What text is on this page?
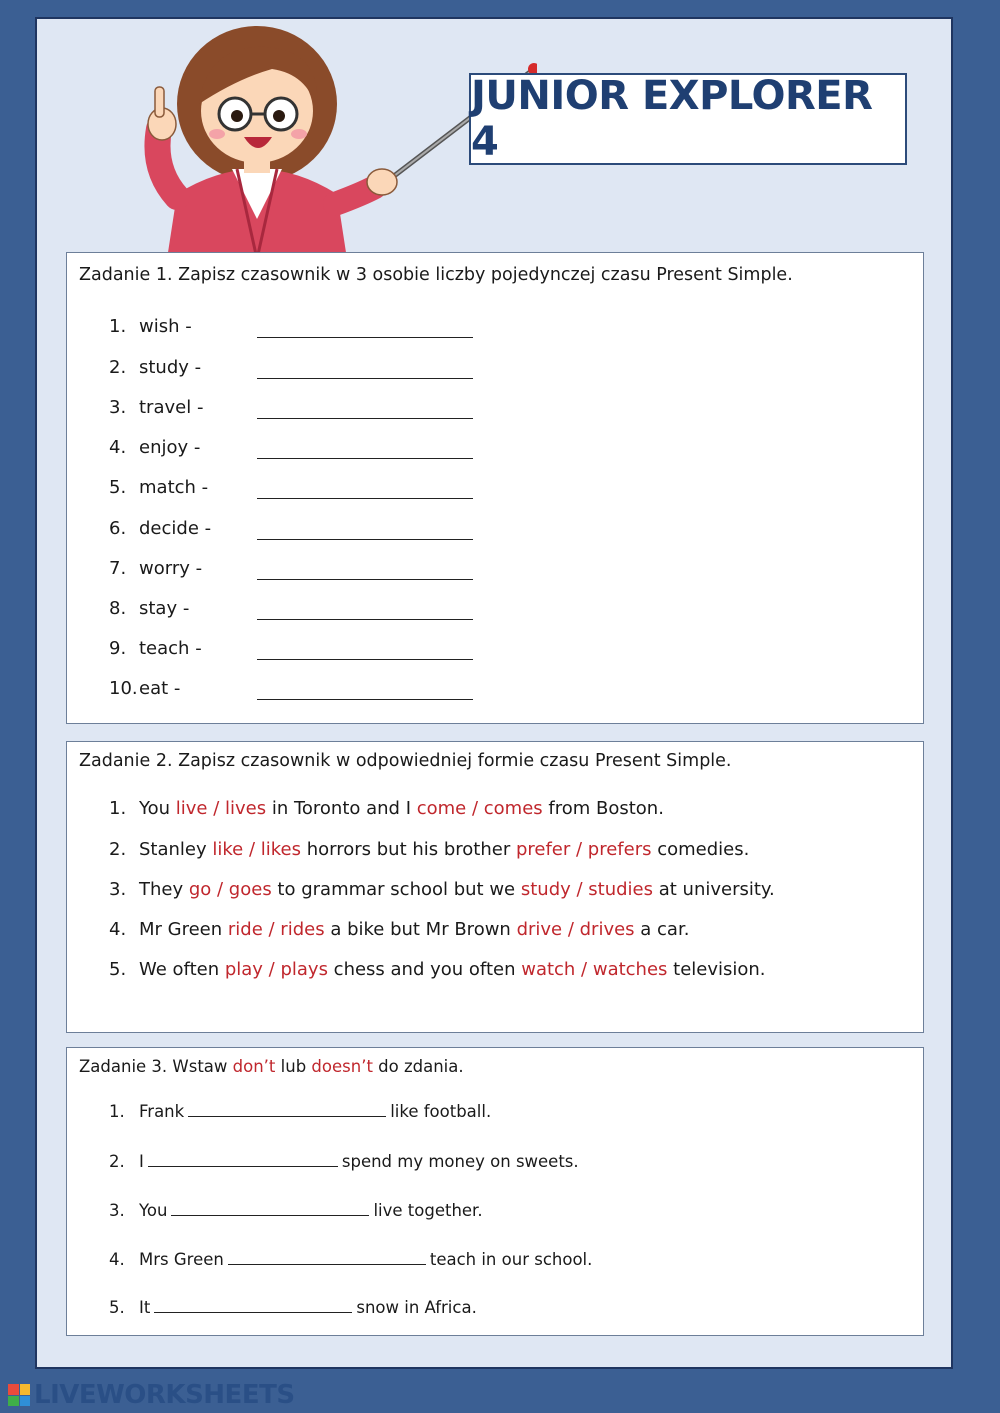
JUNIOR EXPLORER 4
Zadanie 1. Zapisz czasownik w 3 osobie liczby pojedynczej czasu Present Simple.
1. wish -
2. study -
3. travel -
4. enjoy -
5. match -
6. decide -
7. worry -
8. stay -
9. teach -
10.eat -
Zadanie 2. Zapisz czasownik w odpowiedniej formie czasu Present Simple.
1. You live / lives in Toronto and I come / comes from Boston.
2. Stanley like / likes horrors but his brother prefer / prefers comedies.
3. They go / goes to grammar school but we study / studies at university.
4. Mr Green ride / rides a bike but Mr Brown drive / drives a car.
5. We often play / plays chess and you often watch / watches television.
Zadanie 3. Wstaw don’t lub doesn’t do zdania.
1. Frank	like football.
2. I	spend my money on sweets.
3. You	live together.
4. Mrs Green	teach in our school.
5. It	snow in Africa.
LIVEWORKSHEETS
